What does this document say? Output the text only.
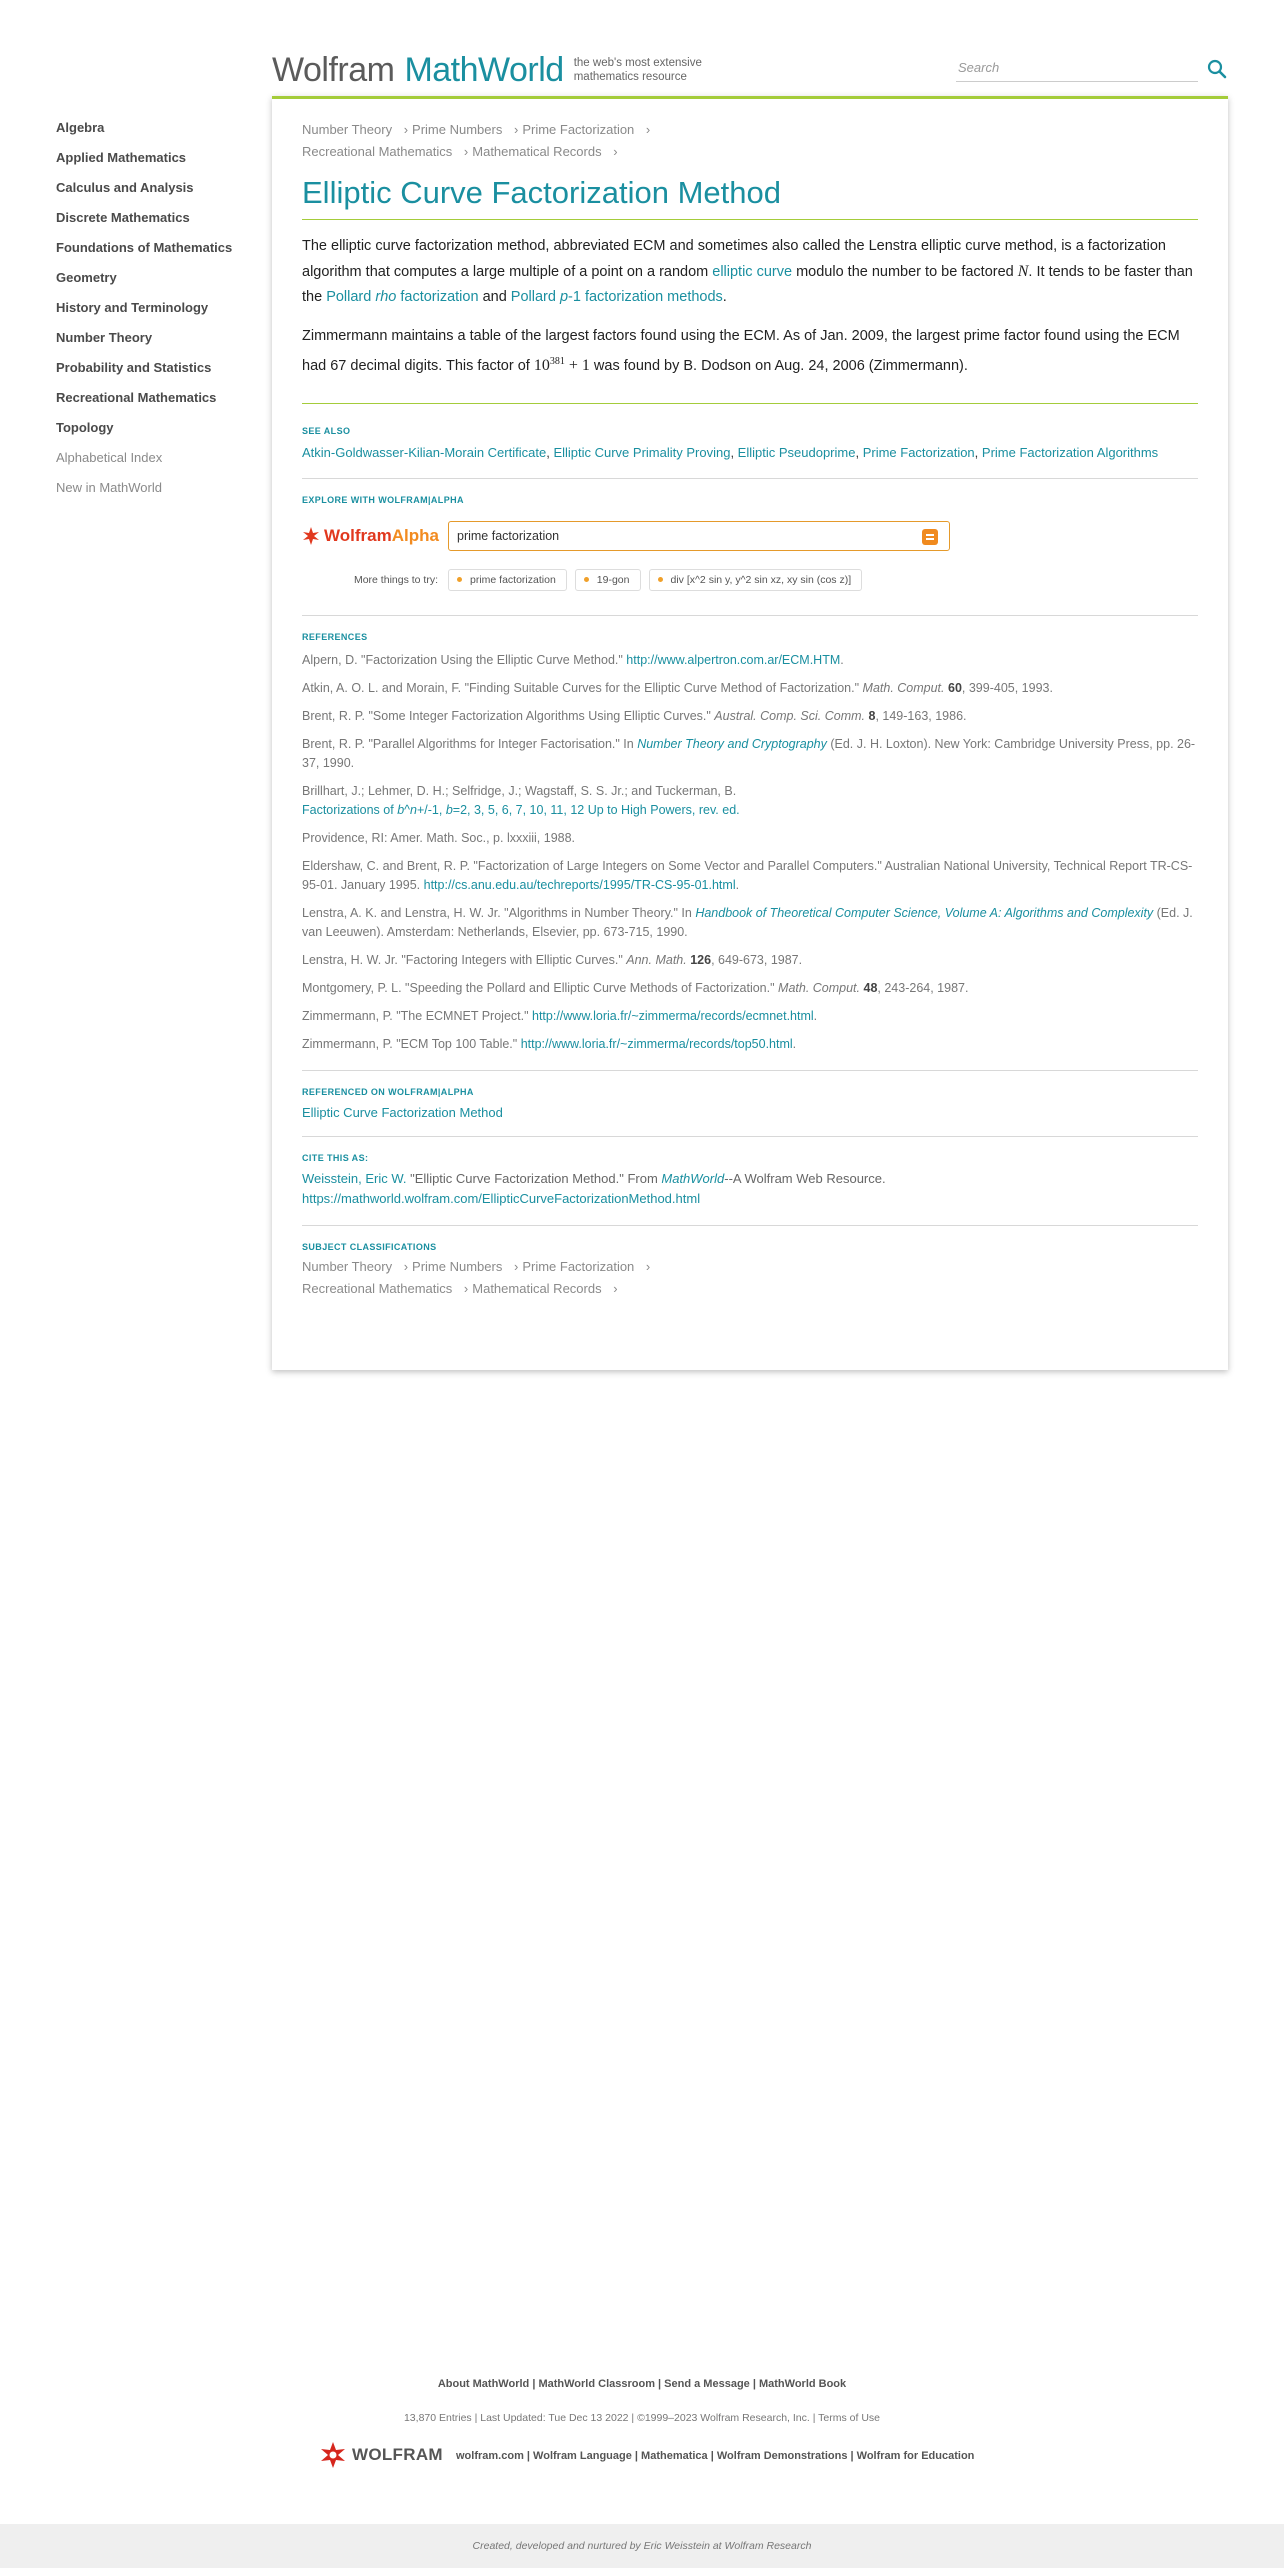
Wolfram MathWorld the web's most extensive mathematics resource
Search
Algebra
Applied Mathematics
Calculus and Analysis
Discrete Mathematics
Foundations of Mathematics
Geometry
History and Terminology
Number Theory
Probability and Statistics
Recreational Mathematics
Topology
Alphabetical Index
New in MathWorld
Number Theory › Prime Numbers › Prime Factorization ›
Recreational Mathematics › Mathematical Records ›
Elliptic Curve Factorization Method

The elliptic curve factorization method, abbreviated ECM and sometimes also called the Lenstra elliptic curve method, is a factorization algorithm that computes a large multiple of a point on a random elliptic curve modulo the number to be factored N. It tends to be faster than the Pollard rho factorization and Pollard p-1 factorization methods.

Zimmermann maintains a table of the largest factors found using the ECM. As of Jan. 2009, the largest prime factor found using the ECM had 67 decimal digits. This factor of $10^{381} + 1$ was found by B. Dodson on Aug. 24, 2006 (Zimmermann).

SEE ALSO
Atkin-Goldwasser-Kilian-Morain Certificate, Elliptic Curve Primality Proving, Elliptic Pseudoprime, Prime Factorization, Prime Factorization Algorithms
EXPLORE WITH WOLFRAM|ALPHA
Wolfram Alpha
prime factorization
More things to try:	prime factorization	19-gon	div [x^2 sin y, y^2 sin xz, xy sin (cos z)]
REFERENCES
Alpern, D. "Factorization Using the Elliptic Curve Method." http://www.alpertron.com.ar/ECM.HTM.
Atkin, A. O. L. and Morain, F. "Finding Suitable Curves for the Elliptic Curve Method of Factorization." Math. Comput. 60, 399-405, 1993.
Brent, R. P. "Some Integer Factorization Algorithms Using Elliptic Curves." Austral. Comp. Sci. Comm. 8, 149-163, 1986.
Brent, R. P. "Parallel Algorithms for Integer Factorisation." In Number Theory and Cryptography (Ed. J. H. Loxton). New York: Cambridge University Press, pp. 26-37, 1990.
Brillhart, J.; Lehmer, D. H.; Selfridge, J.; Wagstaff, S. S. Jr.; and Tuckerman, B.
Factorizations of b^n+/-1, b=2, 3, 5, 6, 7, 10, 11, 12 Up to High Powers, rev. ed.
Providence, RI: Amer. Math. Soc., p. lxxxiii, 1988.
Eldershaw, C. and Brent, R. P. "Factorization of Large Integers on Some Vector and Parallel Computers." Australian National University, Technical Report TR-CS-95-01. January 1995. http://cs.anu.edu.au/techreports/1995/TR-CS-95-01.html.
Lenstra, A. K. and Lenstra, H. W. Jr. "Algorithms in Number Theory." In Handbook of Theoretical Computer Science, Volume A: Algorithms and Complexity (Ed. J. van Leeuwen). Amsterdam: Netherlands, Elsevier, pp. 673-715, 1990.
Lenstra, H. W. Jr. "Factoring Integers with Elliptic Curves." Ann. Math. 126, 649-673, 1987.
Montgomery, P. L. "Speeding the Pollard and Elliptic Curve Methods of Factorization." Math. Comput. 48, 243-264, 1987.
Zimmermann, P. "The ECMNET Project." http://www.loria.fr/~zimmerma/records/ecmnet.html.
Zimmermann, P. "ECM Top 100 Table." http://www.loria.fr/~zimmerma/records/top50.html.
REFERENCED ON WOLFRAM|ALPHA
Elliptic Curve Factorization Method
CITE THIS AS:
Weisstein, Eric W. "Elliptic Curve Factorization Method." From MathWorld--A Wolfram Web Resource.
https://mathworld.wolfram.com/EllipticCurveFactorizationMethod.html
SUBJECT CLASSIFICATIONS
Number Theory › Prime Numbers › Prime Factorization ›
Recreational Mathematics › Mathematical Records ›
About MathWorld | MathWorld Classroom | Send a Message | MathWorld Book
13,870 Entries | Last Updated: Tue Dec 13 2022 | ©1999–2023 Wolfram Research, Inc. | Terms of Use
WOLFRAM wolfram.com | Wolfram Language | Mathematica | Wolfram Demonstrations | Wolfram for Education
Created, developed and nurtured by Eric Weisstein at Wolfram Research
